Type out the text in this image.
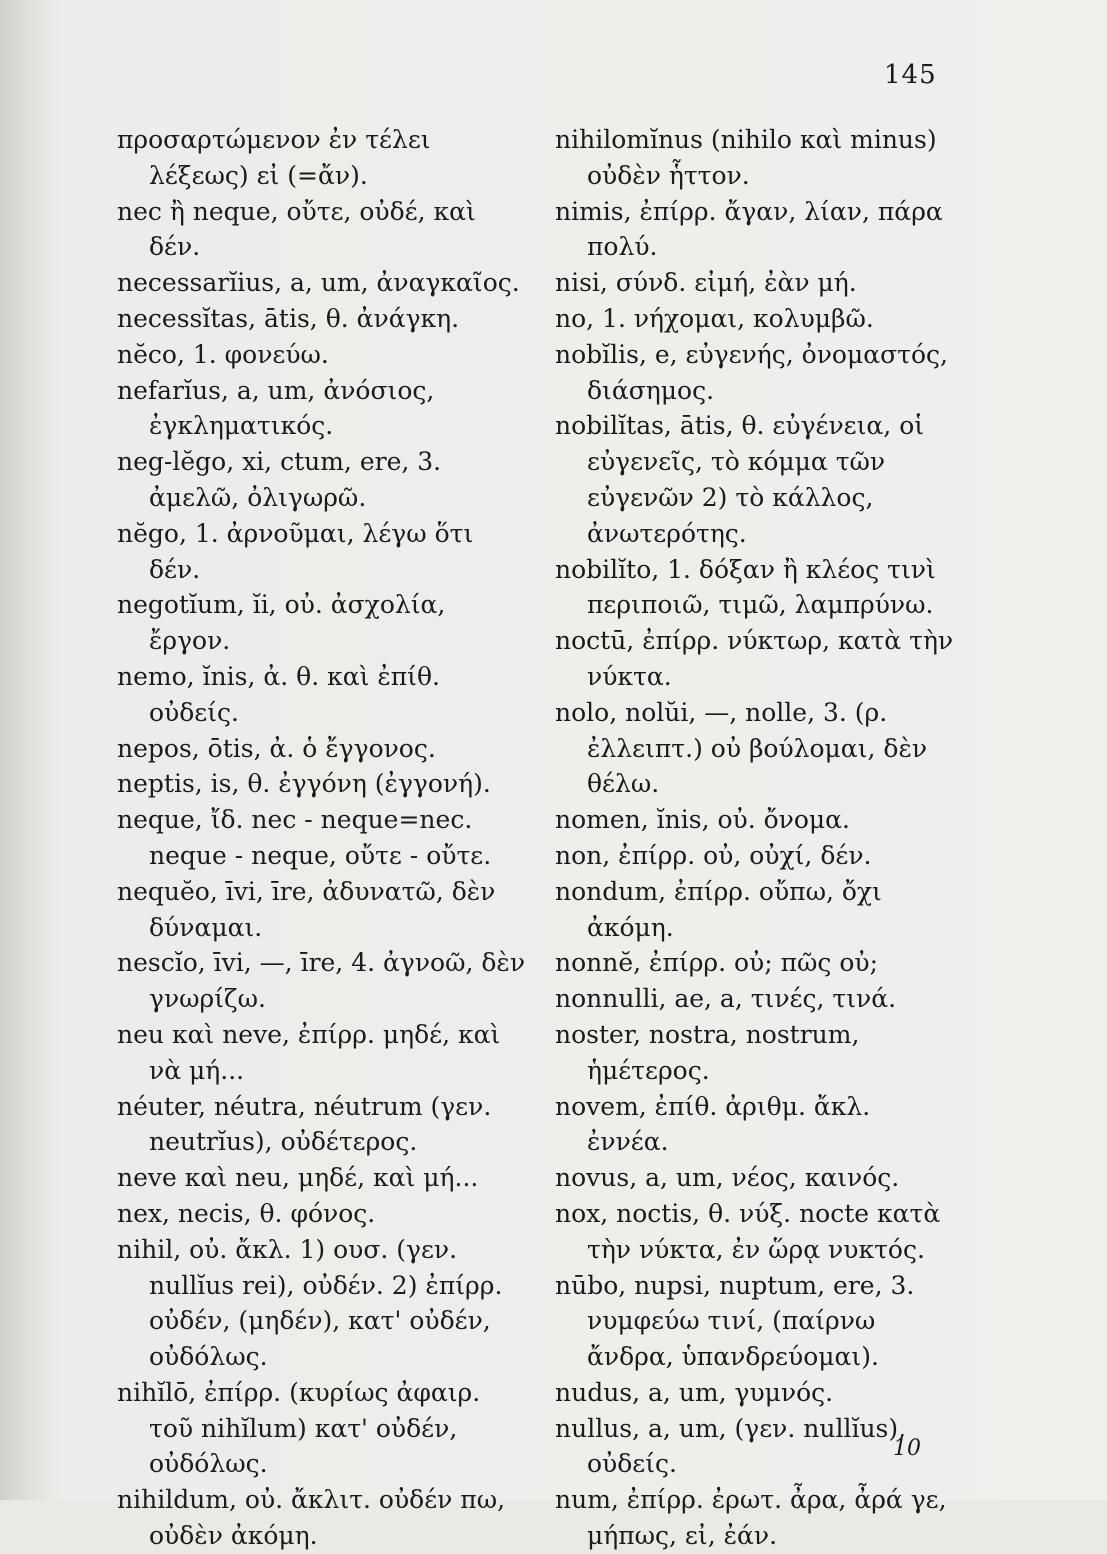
145

προσαρτώμενον ἐν τέλει λέξεως) εἰ (=ἄν).

nec ἢ neque, οὔτε, οὐδέ, καὶ δέν.

necessarĭius, a, um, ἀναγκαῖος.

necessĭtas, ātis, θ. ἀνάγκη.

nĕco, 1. φονεύω.

nefarĭus, a, um, ἀνόσιος, ἐγκληματικός.

neg-lĕgo, xi, ctum, ere, 3. ἀμελῶ, ὀλιγωρῶ.

nĕgo, 1. ἀρνοῦμαι, λέγω ὅτι δέν.

negotĭum, ĭi, οὐ. ἀσχολία, ἔργον.

nemo, ĭnis, ἀ. θ. καὶ ἐπίθ. οὐδείς.

nepos, ōtis, ἀ. ὁ ἔγγονος.

neptis, is, θ. ἐγγόνη (ἐγγονή).

neque, ἴδ. nec - neque=nec. neque - neque, οὔτε - οὔτε.

nequĕo, īvi, īre, ἀδυνατῶ, δὲν δύναμαι.

nescĭo, īvi, —, īre, 4. ἀγνοῶ, δὲν γνωρίζω.

neu καὶ neve, ἐπίρρ. μηδέ, καὶ νὰ μή...

néuter, néutra, néutrum (γεν. neutrĭus), οὐδέτερος.

neve καὶ neu, μηδέ, καὶ μή...

nex, necis, θ. φόνος.

nihil, οὐ. ἄκλ. 1) ουσ. (γεν. nullĭus rei), οὐδέν. 2) ἐπίρρ. οὐδέν, (μηδέν), κατ' οὐδέν, οὐδόλως.

nihĭlō, ἐπίρρ. (κυρίως ἀφαιρ. τοῦ nihĭlum) κατ' οὐδέν, οὐδόλως.

nihildum, οὐ. ἄκλιτ. οὐδέν πω, οὐδὲν ἀκόμη.

nihilomĭnus (nihilo καὶ minus) οὐδὲν ἧττον.

nimis, ἐπίρρ. ἄγαν, λίαν, πάρα πολύ.

nisi, σύνδ. εἰμή, ἐὰν μή.

no, 1. νήχομαι, κολυμβῶ.

nobĭlis, e, εὐγενής, ὀνομαστός, διάσημος.

nobilĭtas, ātis, θ. εὐγένεια, οἱ εὐγενεῖς, τὸ κόμμα τῶν εὐγενῶν 2) τὸ κάλλος, ἀνωτερότης.

nobilĭto, 1. δόξαν ἢ κλέος τινὶ περιποιῶ, τιμῶ, λαμπρύνω.

noctū, ἐπίρρ. νύκτωρ, κατὰ τὴν νύκτα.

nolo, nolŭi, —, nolle, 3. (ρ. ἐλλειπτ.) οὐ βούλομαι, δὲν θέλω.

nomen, ĭnis, οὐ. ὄνομα.

non, ἐπίρρ. οὐ, οὐχί, δέν.

nondum, ἐπίρρ. οὔπω, ὄχι ἀκόμη.

nonnĕ, ἐπίρρ. οὐ; πῶς οὐ;

nonnulli, ae, a, τινές, τινά.

noster, nostra, nostrum, ἡμέτερος.

novem, ἐπίθ. ἀριθμ. ἄκλ. ἐννέα.

novus, a, um, νέος, καινός.

nox, noctis, θ. νύξ. nocte κατὰ τὴν νύκτα, ἐν ὥρᾳ νυκτός.

nūbo, nupsi, nuptum, ere, 3. νυμφεύω τινί, (παίρνω ἄνδρα, ὑπανδρεύομαι).

nudus, a, um, γυμνός.

nullus, a, um, (γεν. nullĭus), οὐδείς.

num, ἐπίρρ. ἐρωτ. ἆρα, ἆρά γε, μήπως, εἰ, ἐάν.

10
